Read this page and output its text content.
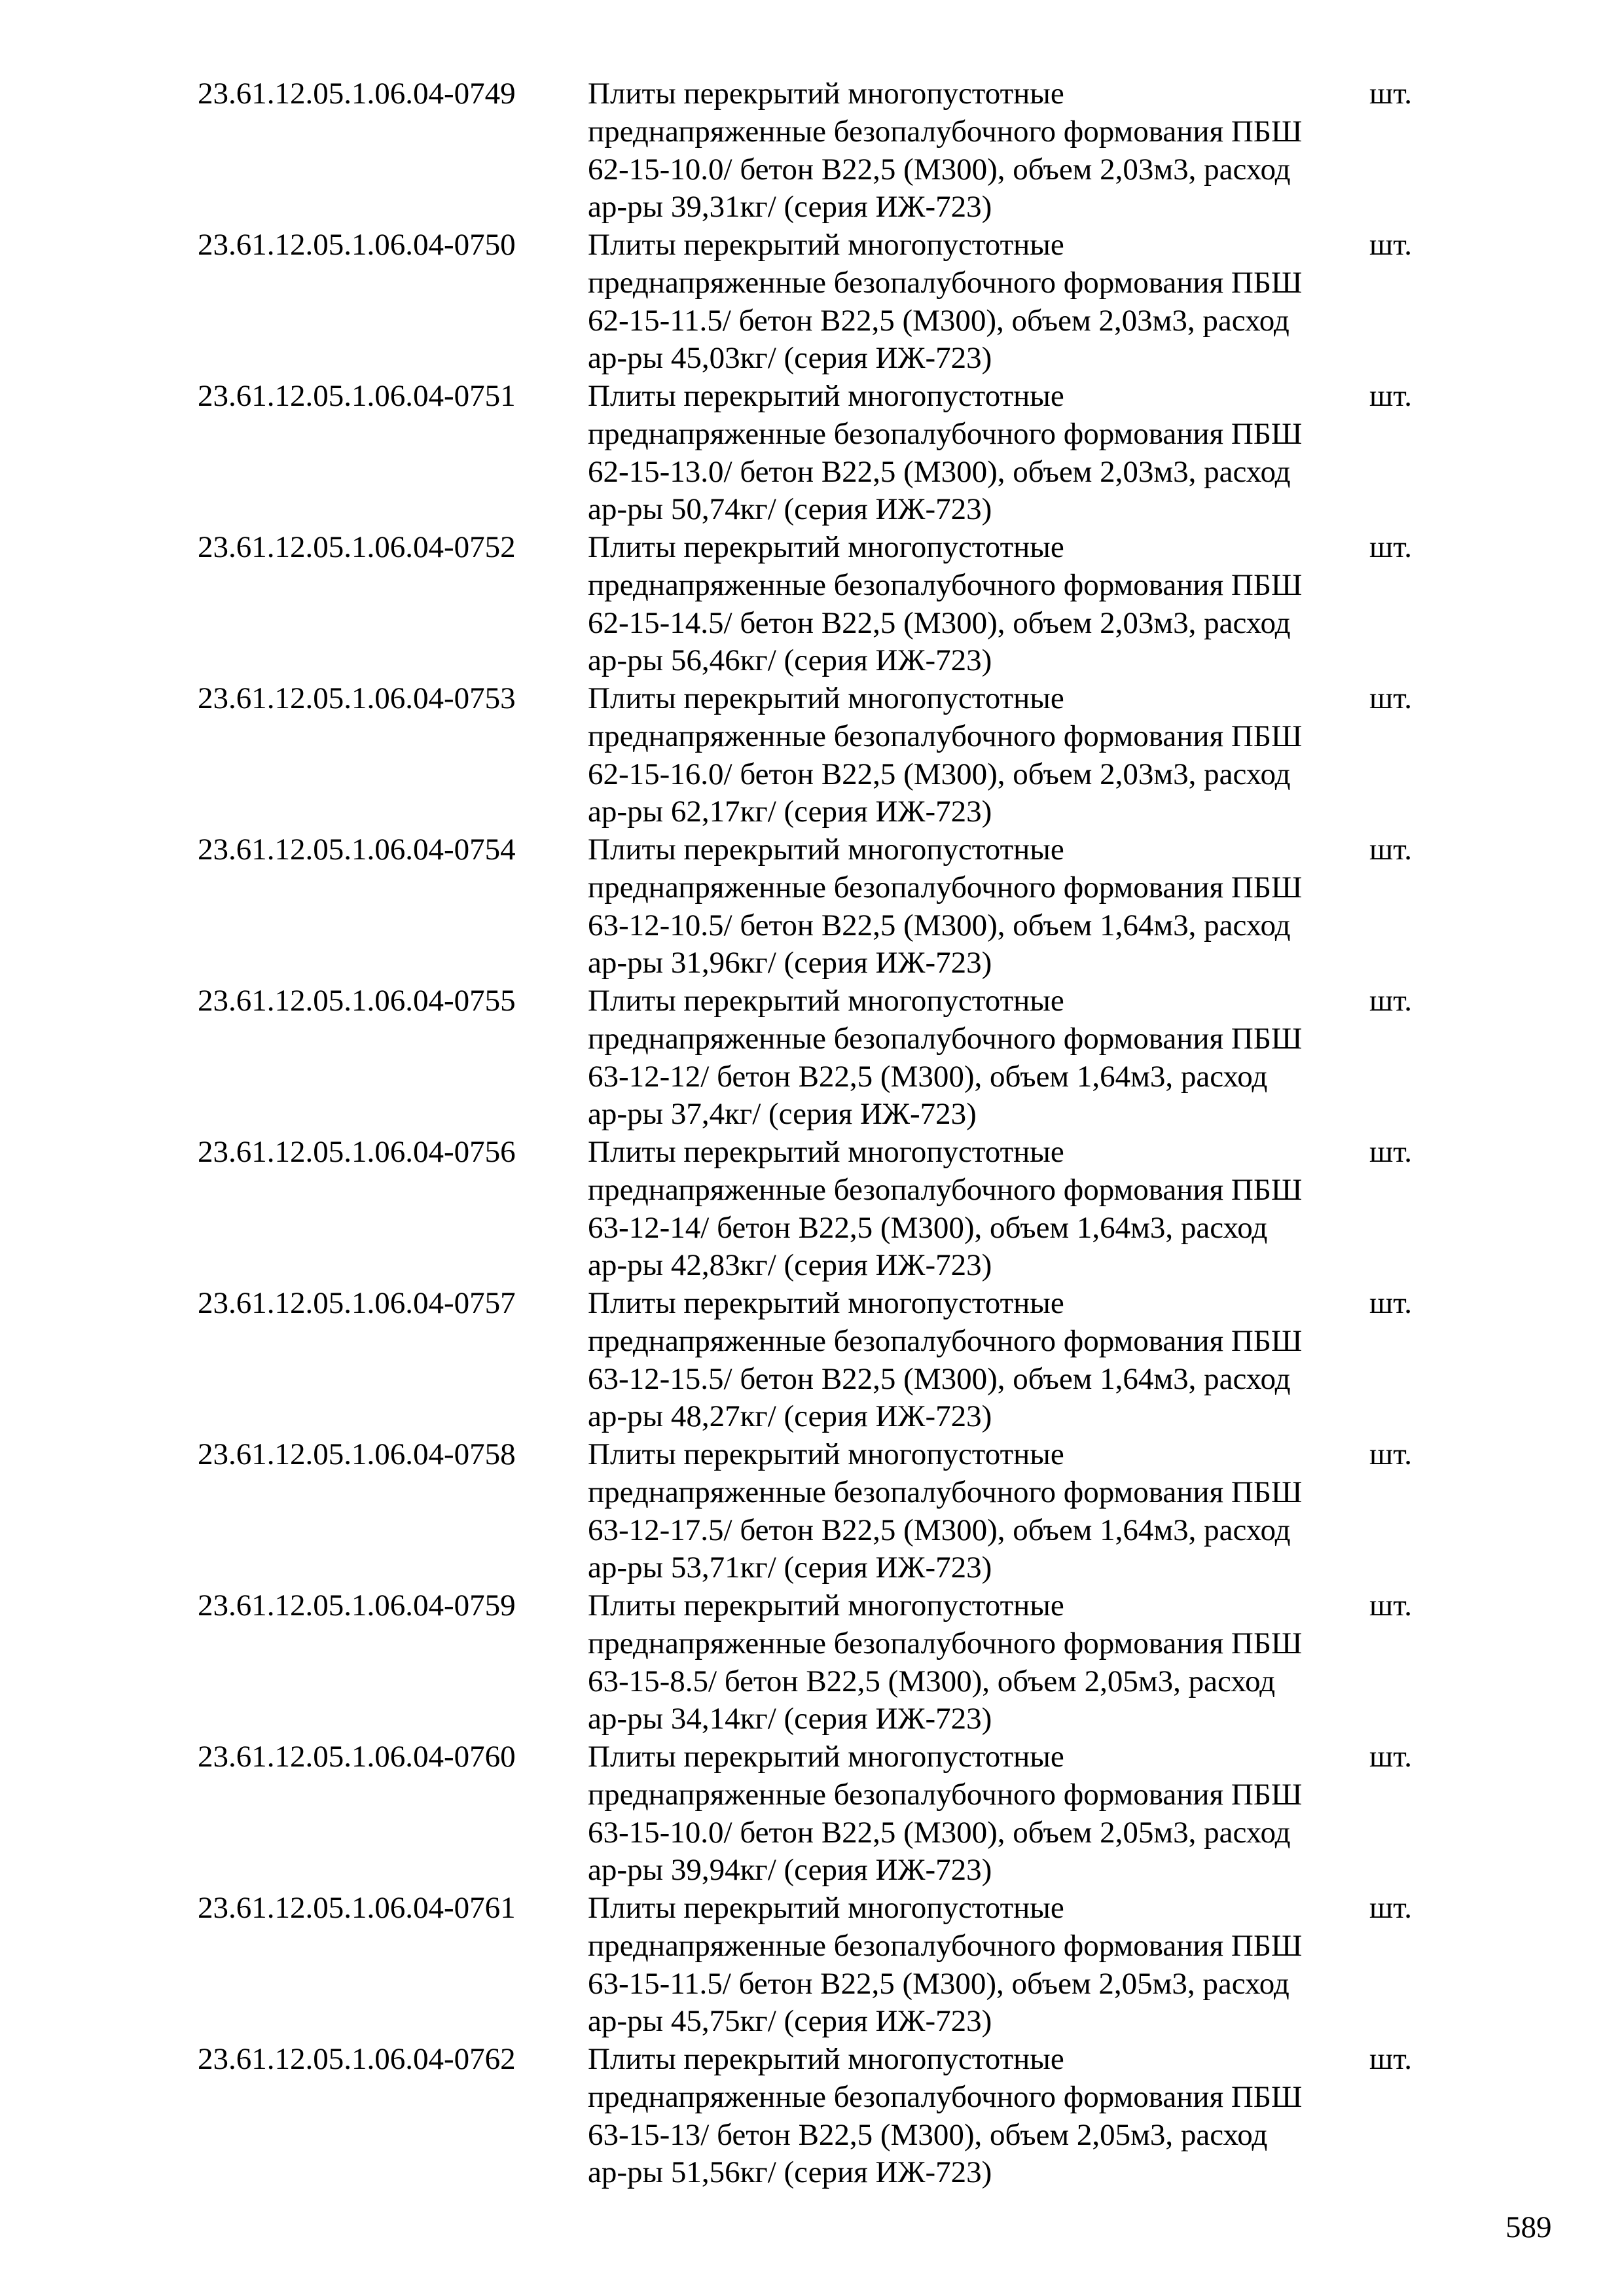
23.61.12.05.1.06.04-0749	Плиты перекрытий многопустотные
преднапряженные безопалубочного формования ПБШ
62-15-10.0/ бетон В22,5 (М300), объем 2,03м3, расход
ар-ры 39,31кг/ (серия ИЖ-723)
шт.
23.61.12.05.1.06.04-0750	Плиты перекрытий многопустотные
преднапряженные безопалубочного формования ПБШ
62-15-11.5/ бетон В22,5 (М300), объем 2,03м3, расход
ар-ры 45,03кг/ (серия ИЖ-723)
шт.
23.61.12.05.1.06.04-0751	Плиты перекрытий многопустотные
преднапряженные безопалубочного формования ПБШ
62-15-13.0/ бетон В22,5 (М300), объем 2,03м3, расход
ар-ры 50,74кг/ (серия ИЖ-723)
шт.
23.61.12.05.1.06.04-0752	Плиты перекрытий многопустотные
преднапряженные безопалубочного формования ПБШ
62-15-14.5/ бетон В22,5 (М300), объем 2,03м3, расход
ар-ры 56,46кг/ (серия ИЖ-723)
шт.
23.61.12.05.1.06.04-0753	Плиты перекрытий многопустотные
преднапряженные безопалубочного формования ПБШ
62-15-16.0/ бетон В22,5 (М300), объем 2,03м3, расход
ар-ры 62,17кг/ (серия ИЖ-723)
шт.
23.61.12.05.1.06.04-0754	Плиты перекрытий многопустотные
преднапряженные безопалубочного формования ПБШ
63-12-10.5/ бетон В22,5 (М300), объем 1,64м3, расход
ар-ры 31,96кг/ (серия ИЖ-723)
шт.
23.61.12.05.1.06.04-0755	Плиты перекрытий многопустотные
преднапряженные безопалубочного формования ПБШ
63-12-12/ бетон В22,5 (М300), объем 1,64м3, расход
ар-ры 37,4кг/ (серия ИЖ-723)
шт.
23.61.12.05.1.06.04-0756	Плиты перекрытий многопустотные
преднапряженные безопалубочного формования ПБШ
63-12-14/ бетон В22,5 (М300), объем 1,64м3, расход
ар-ры 42,83кг/ (серия ИЖ-723)
шт.
23.61.12.05.1.06.04-0757	Плиты перекрытий многопустотные
преднапряженные безопалубочного формования ПБШ
63-12-15.5/ бетон В22,5 (М300), объем 1,64м3, расход
ар-ры 48,27кг/ (серия ИЖ-723)
шт.
23.61.12.05.1.06.04-0758	Плиты перекрытий многопустотные
преднапряженные безопалубочного формования ПБШ
63-12-17.5/ бетон В22,5 (М300), объем 1,64м3, расход
ар-ры 53,71кг/ (серия ИЖ-723)
шт.
23.61.12.05.1.06.04-0759	Плиты перекрытий многопустотные
преднапряженные безопалубочного формования ПБШ
63-15-8.5/ бетон В22,5 (М300), объем 2,05м3, расход
ар-ры 34,14кг/ (серия ИЖ-723)
шт.
23.61.12.05.1.06.04-0760	Плиты перекрытий многопустотные
преднапряженные безопалубочного формования ПБШ
63-15-10.0/ бетон В22,5 (М300), объем 2,05м3, расход
ар-ры 39,94кг/ (серия ИЖ-723)
шт.
23.61.12.05.1.06.04-0761	Плиты перекрытий многопустотные
преднапряженные безопалубочного формования ПБШ
63-15-11.5/ бетон В22,5 (М300), объем 2,05м3, расход
ар-ры 45,75кг/ (серия ИЖ-723)
шт.
23.61.12.05.1.06.04-0762	Плиты перекрытий многопустотные
преднапряженные безопалубочного формования ПБШ
63-15-13/ бетон В22,5 (М300), объем 2,05м3, расход
ар-ры 51,56кг/ (серия ИЖ-723)
шт.
589
